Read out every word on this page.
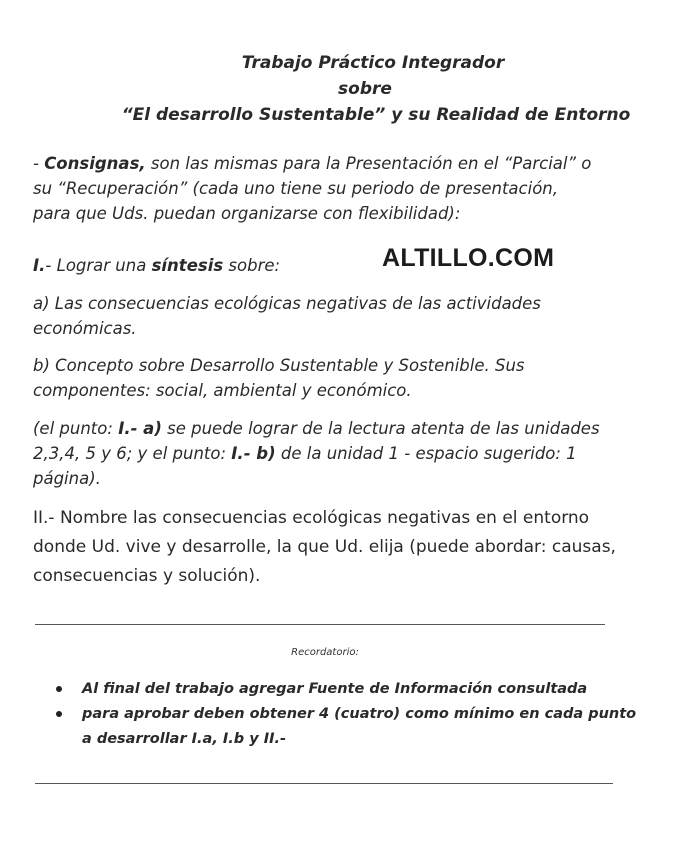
Trabajo Práctico Integrador
sobre
“El desarrollo Sustentable” y su Realidad de Entorno
- Consignas, son las mismas para la Presentación en el “Parcial” o
su “Recuperación” (cada uno tiene su periodo de presentación,
para que Uds. puedan organizarse con flexibilidad):
I.- Lograr una síntesis sobre:	ALTILLO.COM
a) Las consecuencias ecológicas negativas de las actividades
económicas.
b) Concepto sobre Desarrollo Sustentable y Sostenible. Sus
componentes: social, ambiental y económico.
(el punto: I.- a) se puede lograr de la lectura atenta de las unidades
2,3,4, 5 y 6; y el punto: I.- b) de la unidad 1 - espacio sugerido: 1
página).
II.- Nombre las consecuencias ecológicas negativas en el entorno
donde Ud. vive y desarrolle, la que Ud. elija (puede abordar: causas,
consecuencias y solución).
Recordatorio:
Al final del trabajo agregar Fuente de Información consultada
para aprobar deben obtener 4 (cuatro) como mínimo en cada punto
a desarrollar I.a, I.b y II.-
